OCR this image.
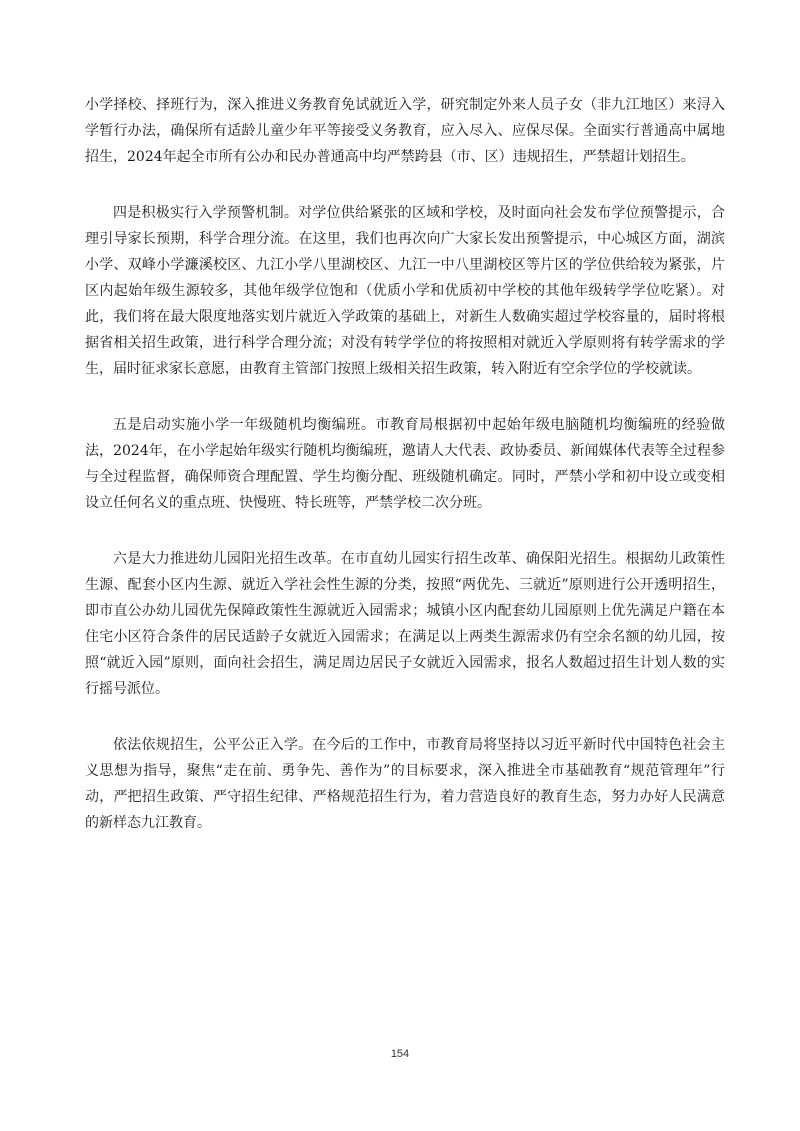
小学择校、择班行为，深入推进义务教育免试就近入学，研究制定外来人员子女（非九江地区）来浔入学暂行办法，确保所有适龄儿童少年平等接受义务教育，应入尽入、应保尽保。全面实行普通高中属地招生，2024年起全市所有公办和民办普通高中均严禁跨县（市、区）违规招生，严禁超计划招生。

四是积极实行入学预警机制。对学位供给紧张的区域和学校，及时面向社会发布学位预警提示，合理引导家长预期，科学合理分流。在这里，我们也再次向广大家长发出预警提示，中心城区方面，湖滨小学、双峰小学濂溪校区、九江小学八里湖校区、九江一中八里湖校区等片区的学位供给较为紧张，片区内起始年级生源较多，其他年级学位饱和（优质小学和优质初中学校的其他年级转学学位吃紧）。对此，我们将在最大限度地落实划片就近入学政策的基础上，对新生人数确实超过学校容量的，届时将根据省相关招生政策，进行科学合理分流；对没有转学学位的将按照相对就近入学原则将有转学需求的学生，届时征求家长意愿，由教育主管部门按照上级相关招生政策，转入附近有空余学位的学校就读。

五是启动实施小学一年级随机均衡编班。市教育局根据初中起始年级电脑随机均衡编班的经验做法，2024年，在小学起始年级实行随机均衡编班，邀请人大代表、政协委员、新闻媒体代表等全过程参与全过程监督，确保师资合理配置、学生均衡分配、班级随机确定。同时，严禁小学和初中设立或变相设立任何名义的重点班、快慢班、特长班等，严禁学校二次分班。

六是大力推进幼儿园阳光招生改革。在市直幼儿园实行招生改革、确保阳光招生。根据幼儿政策性生源、配套小区内生源、就近入学社会性生源的分类，按照“两优先、三就近”原则进行公开透明招生，即市直公办幼儿园优先保障政策性生源就近入园需求；城镇小区内配套幼儿园原则上优先满足户籍在本住宅小区符合条件的居民适龄子女就近入园需求；在满足以上两类生源需求仍有空余名额的幼儿园，按照“就近入园”原则，面向社会招生，满足周边居民子女就近入园需求，报名人数超过招生计划人数的实行摇号派位。

依法依规招生，公平公正入学。在今后的工作中，市教育局将坚持以习近平新时代中国特色社会主义思想为指导，聚焦“走在前、勇争先、善作为”的目标要求，深入推进全市基础教育“规范管理年”行动，严把招生政策、严守招生纪律、严格规范招生行为，着力营造良好的教育生态，努力办好人民满意的新样态九江教育。

154
